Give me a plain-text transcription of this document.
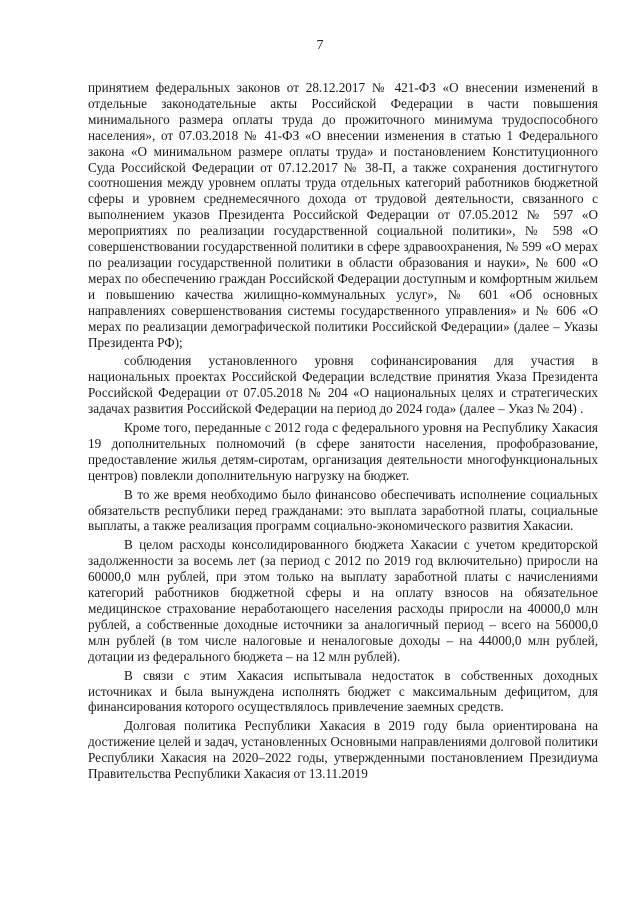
7

принятием федеральных законов от 28.12.2017 № 421-ФЗ «О внесении изменений в отдельные законодательные акты Российской Федерации в части повышения минимального размера оплаты труда до прожиточного минимума трудоспособного населения», от 07.03.2018 № 41-ФЗ «О внесении изменения в статью 1 Федерального закона «О минимальном размере оплаты труда» и постановлением Конституционного Суда Российской Федерации от 07.12.2017 № 38-П, а также сохранения достигнутого соотношения между уровнем оплаты труда отдельных категорий работников бюджетной сферы и уровнем среднемесячного дохода от трудовой деятельности, связанного с выполнением указов Президента Российской Федерации от 07.05.2012 № 597 «О мероприятиях по реализации государственной социальной политики», № 598 «О совершенствовании государственной политики в сфере здравоохранения, № 599 «О мерах по реализации государственной политики в области образования и науки», № 600 «О мерах по обеспечению граждан Российской Федерации доступным и комфортным жильем и повышению качества жилищно-коммунальных услуг», № 601 «Об основных направлениях совершенствования системы государственного управления» и № 606 «О мерах по реализации демографической политики Российской Федерации» (далее – Указы Президента РФ);

соблюдения установленного уровня софинансирования для участия в национальных проектах Российской Федерации вследствие принятия Указа Президента Российской Федерации от 07.05.2018 № 204 «О национальных целях и стратегических задачах развития Российской Федерации на период до 2024 года» (далее – Указ № 204) .

Кроме того, переданные с 2012 года с федерального уровня на Республику Хакасия 19 дополнительных полномочий (в сфере занятости населения, профобразование, предоставление жилья детям-сиротам, организация деятельности многофункциональных центров) повлекли дополнительную нагрузку на бюджет.

В то же время необходимо было финансово обеспечивать исполнение социальных обязательств республики перед гражданами: это выплата заработной платы, социальные выплаты, а также реализация программ социально-экономического развития Хакасии.

В целом расходы консолидированного бюджета Хакасии с учетом кредиторской задолженности за восемь лет (за период с 2012 по 2019 год включительно) приросли на 60000,0 млн рублей, при этом только на выплату заработной платы с начислениями категорий работников бюджетной сферы и на оплату взносов на обязательное медицинское страхование неработающего населения расходы приросли на 40000,0 млн рублей, а собственные доходные источники за аналогичный период – всего на 56000,0 млн рублей (в том числе налоговые и неналоговые доходы – на 44000,0 млн рублей, дотации из федерального бюджета – на 12 млн рублей).

В связи с этим Хакасия испытывала недостаток в собственных доходных источниках и была вынуждена исполнять бюджет с максимальным дефицитом, для финансирования которого осуществлялось привлечение заемных средств.

Долговая политика Республики Хакасия в 2019 году была ориентирована на достижение целей и задач, установленных Основными направлениями долговой политики Республики Хакасия на 2020–2022 годы, утвержденными постановлением Президиума Правительства Республики Хакасия от 13.11.2019
